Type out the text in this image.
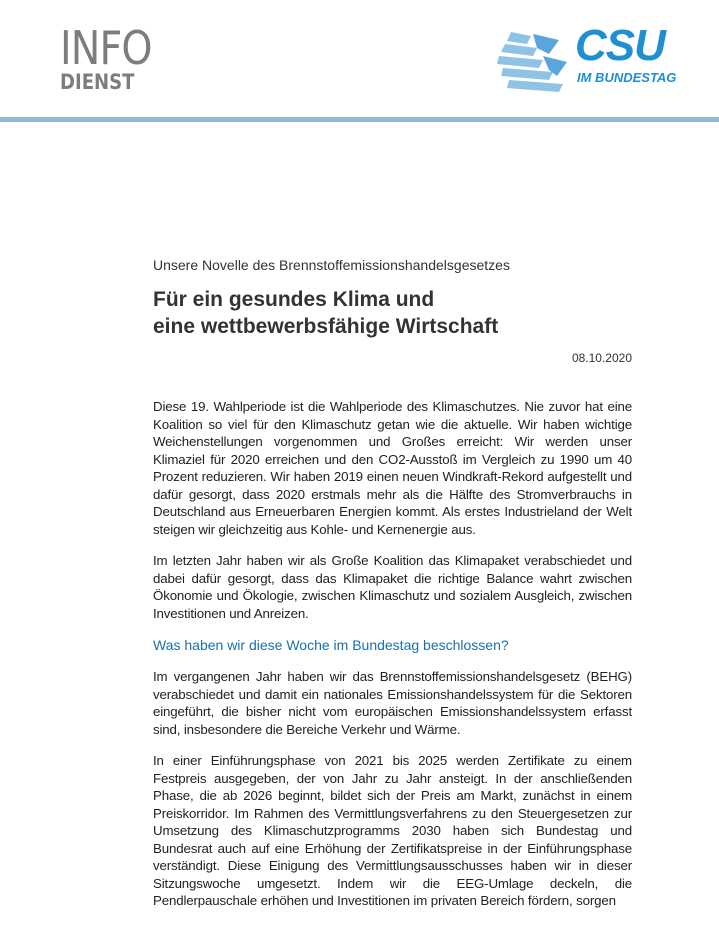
INFO
DIENST
CSU
IM BUNDESTAG

Unsere Novelle des Brennstoffemissionshandelsgesetzes

Für ein gesundes Klima und
eine wettbewerbsfähige Wirtschaft
08.10.2020

Diese 19. Wahlperiode ist die Wahlperiode des Klimaschutzes. Nie zuvor hat eine Koalition so viel für den Klimaschutz getan wie die aktuelle. Wir haben wichtige Weichenstellungen vorgenommen und Großes erreicht: Wir werden unser Klimaziel für 2020 erreichen und den CO2-Ausstoß im Vergleich zu 1990 um 40 Prozent reduzieren. Wir haben 2019 einen neuen Windkraft-Rekord aufgestellt und dafür gesorgt, dass 2020 erstmals mehr als die Hälfte des Stromverbrauchs in Deutschland aus Erneuerbaren Energien kommt. Als erstes Industrieland der Welt steigen wir gleichzeitig aus Kohle- und Kernenergie aus.

Im letzten Jahr haben wir als Große Koalition das Klimapaket verabschiedet und dabei dafür gesorgt, dass das Klimapaket die richtige Balance wahrt zwischen Ökonomie und Ökologie, zwischen Klimaschutz und sozialem Ausgleich, zwischen Investitionen und Anreizen.

Was haben wir diese Woche im Bundestag beschlossen?

Im vergangenen Jahr haben wir das Brennstoffemissionshandelsgesetz (BEHG) verabschiedet und damit ein nationales Emissionshandelssystem für die Sektoren eingeführt, die bisher nicht vom europäischen Emissionshandelssystem erfasst sind, insbesondere die Bereiche Verkehr und Wärme.

In einer Einführungsphase von 2021 bis 2025 werden Zertifikate zu einem Festpreis ausgegeben, der von Jahr zu Jahr ansteigt. In der anschließenden Phase, die ab 2026 beginnt, bildet sich der Preis am Markt, zunächst in einem Preiskorridor. Im Rahmen des Vermittlungsverfahrens zu den Steuergesetzen zur Umsetzung des Klimaschutzprogramms 2030 haben sich Bundestag und Bundesrat auch auf eine Erhöhung der Zertifikatspreise in der Einführungsphase verständigt. Diese Einigung des Vermittlungsausschusses haben wir in dieser Sitzungswoche umgesetzt. Indem wir die EEG-Umlage deckeln, die Pendlerpauschale erhöhen und Investitionen im privaten Bereich fördern, sorgen
